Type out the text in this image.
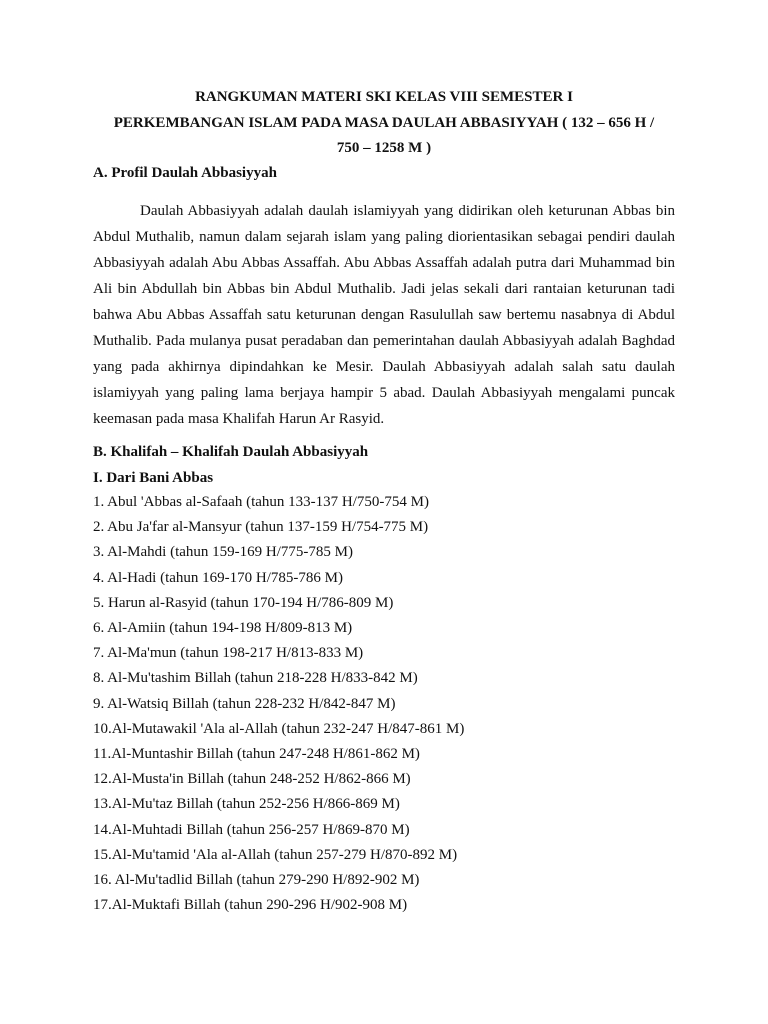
RANGKUMAN MATERI SKI KELAS VIII SEMESTER I
PERKEMBANGAN ISLAM PADA MASA DAULAH ABBASIYYAH ( 132 – 656 H /
750 – 1258 M )
A. Profil Daulah Abbasiyyah

Daulah Abbasiyyah adalah daulah islamiyyah yang didirikan oleh keturunan Abbas bin Abdul Muthalib, namun dalam sejarah islam yang paling diorientasikan sebagai pendiri daulah Abbasiyyah adalah Abu Abbas Assaffah. Abu Abbas Assaffah adalah putra dari Muhammad bin Ali bin Abdullah bin Abbas bin Abdul Muthalib. Jadi jelas sekali dari rantaian keturunan tadi bahwa Abu Abbas Assaffah satu keturunan dengan Rasulullah saw bertemu nasabnya di Abdul Muthalib. Pada mulanya pusat peradaban dan pemerintahan daulah Abbasiyyah adalah Baghdad yang pada akhirnya dipindahkan ke Mesir. Daulah Abbasiyyah adalah salah satu daulah islamiyyah yang paling lama berjaya hampir 5 abad. Daulah Abbasiyyah mengalami puncak keemasan pada masa Khalifah Harun Ar Rasyid.

B. Khalifah – Khalifah Daulah Abbasiyyah
I. Dari Bani Abbas
1. Abul 'Abbas al-Safaah (tahun 133-137 H/750-754 M)
2. Abu Ja'far al-Mansyur (tahun 137-159 H/754-775 M)
3. Al-Mahdi (tahun 159-169 H/775-785 M)
4. Al-Hadi (tahun 169-170 H/785-786 M)
5. Harun al-Rasyid (tahun 170-194 H/786-809 M)
6. Al-Amiin (tahun 194-198 H/809-813 M)
7. Al-Ma'mun (tahun 198-217 H/813-833 M)
8. Al-Mu'tashim Billah (tahun 218-228 H/833-842 M)
9. Al-Watsiq Billah (tahun 228-232 H/842-847 M)
10.Al-Mutawakil 'Ala al-Allah (tahun 232-247 H/847-861 M)
11.Al-Muntashir Billah (tahun 247-248 H/861-862 M)
12.Al-Musta'in Billah (tahun 248-252 H/862-866 M)
13.Al-Mu'taz Billah (tahun 252-256 H/866-869 M)
14.Al-Muhtadi Billah (tahun 256-257 H/869-870 M)
15.Al-Mu'tamid 'Ala al-Allah (tahun 257-279 H/870-892 M)
16. Al-Mu'tadlid Billah (tahun 279-290 H/892-902 M)
17.Al-Muktafi Billah (tahun 290-296 H/902-908 M)
